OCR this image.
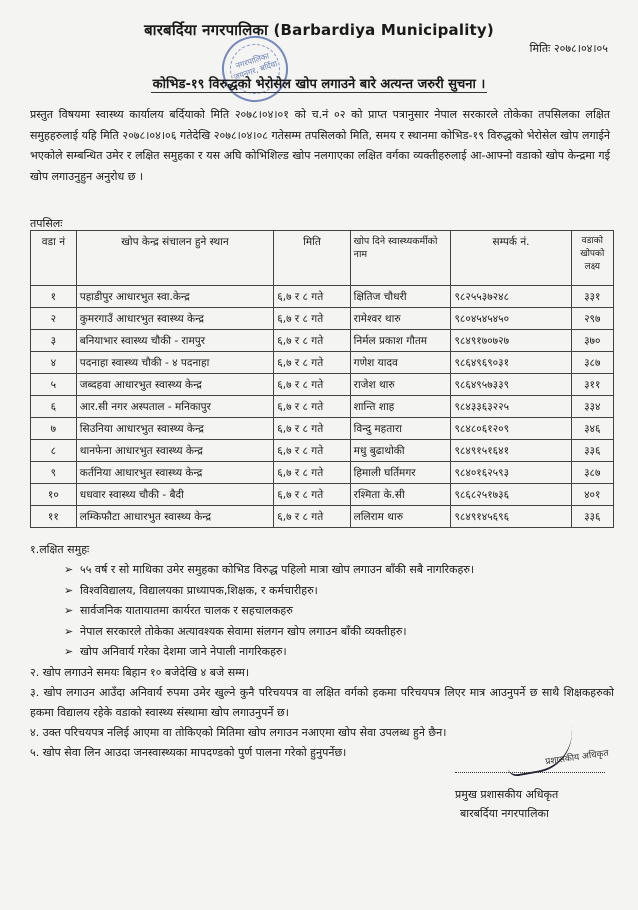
नगरपालिका जयनगर, बर्दिया
बारबर्दिया नगरपालिका (Barbardiya Municipality)
मितिः २०७८।०४।०५
कोभिड-१९ विरुद्धको भेरोसेल खोप लगाउने बारे अत्यन्त जरुरी सुचना ।
प्रस्तुत विषयमा स्वास्थ्य कार्यालय बर्दियाको मिति २०७८।०४।०१ को च.नं ०२ को प्राप्त पत्रानुसार नेपाल सरकारले तोकेका तपसिलका लक्षित समुहहरुलाई यहि मिति २०७८।०४।०६ गतेदेखि २०७८।०४।०८ गतेसम्म तपसिलको मिति, समय र स्थानमा कोभिड-१९ विरुद्धको भेरोसेल खोप लगाईने भएकोले सम्बन्धित उमेर र लक्षित समुहका र यस अघि कोभिशिल्ड खोप नलगाएका लक्षित वर्गका व्यक्तीहरुलाई आ-आफ्नो वडाको खोप केन्द्रमा गई खोप लगाउनुहुन अनुरोध छ ।
तपसिलः
वडा नं	खोप केन्द्र संचालन हुने स्थान	मिति	खोप दिने स्वास्थ्यकर्मीको नाम	सम्पर्क नं.	वडाको खोपको लक्ष्य
१	पहाडीपुर आधारभुत स्वा.केन्द्र	६,७ र ८ गते	क्षितिज चौधरी	९८२५५३७२४८	३३१
२	कुमरगाउँ आधारभुत स्वास्थ्य केन्द्र	६,७ र ८ गते	रामेश्वर थारु	९८०४५४५४५०	२९७
३	बनियाभार स्वास्थ्य चौकी - रामपुर	६,७ र ८ गते	निर्मल प्रकाश गौतम	९८४९१७०७२७	३७०
४	पदनाहा स्वास्थ्य चौकी - ४ पदनाहा	६,७ र ८ गते	गणेश यादव	९८६४९६९०३१	३८७
५	जब्दहवा आधारभुत स्वास्थ्य केन्द्र	६,७ र ८ गते	राजेश थारु	९८६४९५७३३९	३११
६	आर.सी नगर अस्पताल - मनिकापुर	६,७ र ८ गते	शान्ति शाह	९८४३३६३२२५	३३४
७	सिउनिया आधारभुत स्वास्थ्य केन्द्र	६,७ र ८ गते	विन्दु महतारा	९८४८०६१२०९	३४६
८	थानफेना आधारभुत स्वास्थ्य केन्द्र	६,७ र ८ गते	मधु बुढाथोकी	९८४९१५१६४१	३३६
९	कर्तनिया आधारभुत स्वास्थ्य केन्द्र	६,७ र ८ गते	हिमाली घर्तिमगर	९८४०१६२५९३	३८७
१०	धधवार स्वास्थ्य चौकी - बैदी	६,७ र ८ गते	रश्मिता के.सी	९८६८२५१७३६	४०१
११	लम्किफौटा आधारभुत स्वास्थ्य केन्द्र	६,७ र ८ गते	ललिराम थारु	९८४९१४५६९६	३३६
१.लक्षित समुहः
➢ ५५ वर्ष र सो माथिका उमेर समुहका कोभिड विरुद्ध पहिलो मात्रा खोप लगाउन बाँकी सबै नागरिकहरु।
➢ विश्वविद्यालय, विद्यालयका प्राध्यापक,शिक्षक, र कर्मचारीहरु।
➢ सार्वजनिक यातायातमा कार्यरत चालक र सहचालकहरु
➢ नेपाल सरकारले तोकेका अत्यावश्यक सेवामा संलगन खोप लगाउन बाँकी व्यक्तीहरु।
➢ खोप अनिवार्य गरेका देशमा जाने नेपाली नागरिकहरु।
२. खोप लगाउने समयः बिहान १० बजेदेखि ४ बजे सम्म।
३. खोप लगाउन आउँदा अनिवार्य रुपमा उमेर खुल्ने कुनै परिचयपत्र वा लक्षित वर्गको हकमा परिचयपत्र लिएर मात्र आउनुपर्ने छ साथै शिक्षकहरुको हकमा विद्यालय रहेके वडाको स्वास्थ्य संस्थामा खोप लगाउनुपर्ने छ।
४. उक्त परिचयपत्र नलिई आएमा वा तोकिएको मितिमा खोप लगाउन नआएमा खोप सेवा उपलब्ध हुने छैन।
५. खोप सेवा लिन आउदा जनस्वास्थ्यका मापदण्डको पुर्ण पालना गरेको हुनुपर्नेछ।	प्रशासकीय अधिकृत
प्रमुख प्रशासकीय अधिकृत
बारबर्दिया नगरपालिका
